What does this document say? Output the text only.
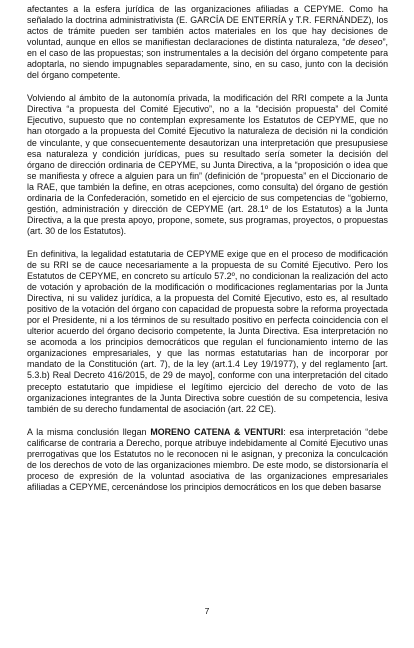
afectantes a la esfera jurídica de las organizaciones afiliadas a CEPYME. Como ha señalado la doctrina administrativista (E. GARCÍA DE ENTERRÍA y T.R. FERNÁNDEZ), los actos de trámite pueden ser también actos materiales en los que hay decisiones de voluntad, aunque en ellos se manifiestan declaraciones de distinta naturaleza, “de deseo”, en el caso de las propuestas; son instrumentales a la decisión del órgano competente para adoptarla, no siendo impugnables separadamente, sino, en su caso, junto con la decisión del órgano competente.

Volviendo al ámbito de la autonomía privada, la modificación del RRI compete a la Junta Directiva “a propuesta del Comité Ejecutivo”, no a la “decisión propuesta” del Comité Ejecutivo, supuesto que no contemplan expresamente los Estatutos de CEPYME, que no han otorgado a la propuesta del Comité Ejecutivo la naturaleza de decisión ni la condición de vinculante, y que consecuentemente desautorizan una interpretación que presupusiese esa naturaleza y condición jurídicas, pues su resultado sería someter la decisión del órgano de dirección ordinaria de CEPYME, su Junta Directiva, a la “proposición o idea que se manifiesta y ofrece a alguien para un fin” (definición de “propuesta” en el Diccionario de la RAE, que también la define, en otras acepciones, como consulta) del órgano de gestión ordinaria de la Confederación, sometido en el ejercicio de sus competencias de “gobierno, gestión, administración y dirección de CEPYME (art. 28.1º de los Estatutos) a la Junta Directiva, a la que presta apoyo, propone, somete, sus programas, proyectos, o propuestas (art. 30 de los Estatutos).

En definitiva, la legalidad estatutaria de CEPYME exige que en el proceso de modificación de su RRI se de cauce necesariamente a la propuesta de su Comité Ejecutivo. Pero los Estatutos de CEPYME, en concreto su artículo 57.2º, no condicionan la realización del acto de votación y aprobación de la modificación o modificaciones reglamentarias por la Junta Directiva, ni su validez jurídica, a la propuesta del Comité Ejecutivo, esto es, al resultado positivo de la votación del órgano con capacidad de propuesta sobre la reforma proyectada por el Presidente, ni a los términos de su resultado positivo en perfecta coincidencia con el ulterior acuerdo del órgano decisorio competente, la Junta Directiva. Esa interpretación no se acomoda a los principios democráticos que regulan el funcionamiento interno de las organizaciones empresariales, y que las normas estatutarias han de incorporar por mandato de la Constitución (art. 7), de la ley (art.1.4 Ley 19/1977), y del reglamento [art. 5.3.b) Real Decreto 416/2015, de 29 de mayo], conforme con una interpretación del citado precepto estatutario que impidiese el legítimo ejercicio del derecho de voto de las organizaciones integrantes de la Junta Directiva sobre cuestión de su competencia, lesiva también de su derecho fundamental de asociación (art. 22 CE).

A la misma conclusión llegan MORENO CATENA & VENTURI: esa interpretación “debe calificarse de contraria a Derecho, porque atribuye indebidamente al Comité Ejecutivo unas prerrogativas que los Estatutos no le reconocen ni le asignan, y preconiza la conculcación de los derechos de voto de las organizaciones miembro. De este modo, se distorsionaría el proceso de expresión de la voluntad asociativa de las organizaciones empresariales afiliadas a CEPYME, cercenándose los principios democráticos en los que deben basarse

7
